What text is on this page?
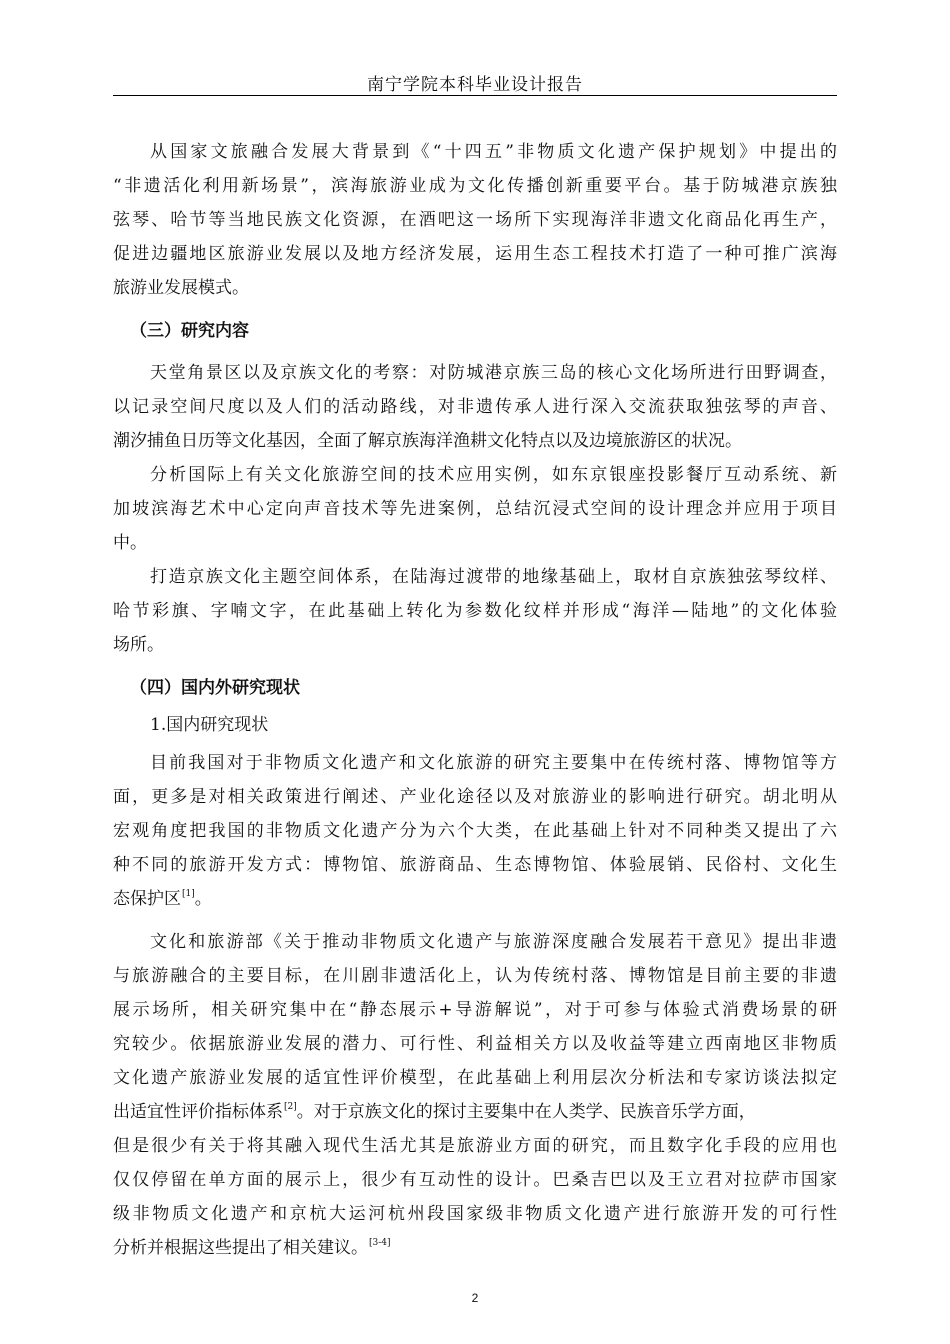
南宁学院本科毕业设计报告
从国家文旅融合发展大背景到《“十四五”非物质文化遗产保护规划》中提出的
“非遗活化利用新场景”，滨海旅游业成为文化传播创新重要平台。基于防城港京族独
弦琴、哈节等当地民族文化资源，在酒吧这一场所下实现海洋非遗文化商品化再生产，
促进边疆地区旅游业发展以及地方经济发展，运用生态工程技术打造了一种可推广滨海
旅游业发展模式。
（三）研究内容
天堂角景区以及京族文化的考察：对防城港京族三岛的核心文化场所进行田野调查，
以记录空间尺度以及人们的活动路线，对非遗传承人进行深入交流获取独弦琴的声音、
潮汐捕鱼日历等文化基因，全面了解京族海洋渔耕文化特点以及边境旅游区的状况。
分析国际上有关文化旅游空间的技术应用实例，如东京银座投影餐厅互动系统、新
加坡滨海艺术中心定向声音技术等先进案例，总结沉浸式空间的设计理念并应用于项目
中。
打造京族文化主题空间体系，在陆海过渡带的地缘基础上，取材自京族独弦琴纹样、
哈节彩旗、字喃文字，在此基础上转化为参数化纹样并形成“海洋—陆地”的文化体验
场所。
（四）国内外研究现状
1.国内研究现状
目前我国对于非物质文化遗产和文化旅游的研究主要集中在传统村落、博物馆等方
面，更多是对相关政策进行阐述、产业化途径以及对旅游业的影响进行研究。胡北明从
宏观角度把我国的非物质文化遗产分为六个大类，在此基础上针对不同种类又提出了六
种不同的旅游开发方式：博物馆、旅游商品、生态博物馆、体验展销、民俗村、文化生
态保护区[1]。
文化和旅游部《关于推动非物质文化遗产与旅游深度融合发展若干意见》提出非遗
与旅游融合的主要目标，在川剧非遗活化上，认为传统村落、博物馆是目前主要的非遗
展示场所，相关研究集中在“静态展示+导游解说”，对于可参与体验式消费场景的研
究较少。依据旅游业发展的潜力、可行性、利益相关方以及收益等建立西南地区非物质
文化遗产旅游业发展的适宜性评价模型，在此基础上利用层次分析法和专家访谈法拟定
出适宜性评价指标体系[2]。对于京族文化的探讨主要集中在人类学、民族音乐学方面，
但是很少有关于将其融入现代生活尤其是旅游业方面的研究，而且数字化手段的应用也
仅仅停留在单方面的展示上，很少有互动性的设计。巴桑吉巴以及王立君对拉萨市国家
级非物质文化遗产和京杭大运河杭州段国家级非物质文化遗产进行旅游开发的可行性
分析并根据这些提出了相关建议。[3-4]
2
